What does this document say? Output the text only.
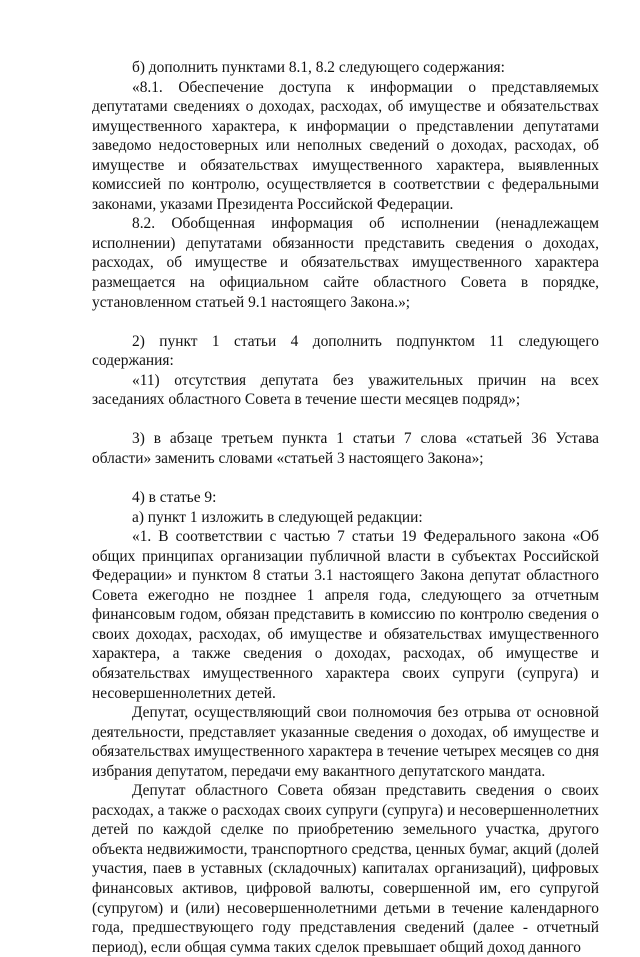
б) дополнить пунктами 8.1, 8.2 следующего содержания:

«8.1. Обеспечение доступа к информации о представляемых депутатами сведениях о доходах, расходах, об имуществе и обязательствах имущественного характера, к информации о представлении депутатами заведомо недостоверных или неполных сведений о доходах, расходах, об имуществе и обязательствах имущественного характера, выявленных комиссией по контролю, осуществляется в соответствии с федеральными законами, указами Президента Российской Федерации.

8.2. Обобщенная информация об исполнении (ненадлежащем исполнении) депутатами обязанности представить сведения о доходах, расходах, об имуществе и обязательствах имущественного характера размещается на официальном сайте областного Совета в порядке, установленном статьей 9.1 настоящего Закона.»;

2) пункт 1 статьи 4 дополнить подпунктом 11 следующего содержания:

«11) отсутствия депутата без уважительных причин на всех заседаниях областного Совета в течение шести месяцев подряд»;

3) в абзаце третьем пункта 1 статьи 7 слова «статьей 36 Устава области» заменить словами «статьей 3 настоящего Закона»;

4) в статье 9:

а) пункт 1 изложить в следующей редакции:

«1. В соответствии с частью 7 статьи 19 Федерального закона «Об общих принципах организации публичной власти в субъектах Российской Федерации» и пунктом 8 статьи 3.1 настоящего Закона депутат областного Совета ежегодно не позднее 1 апреля года, следующего за отчетным финансовым годом, обязан представить в комиссию по контролю сведения о своих доходах, расходах, об имуществе и обязательствах имущественного характера, а также сведения о доходах, расходах, об имуществе и обязательствах имущественного характера своих супруги (супруга) и несовершеннолетних детей.

Депутат, осуществляющий свои полномочия без отрыва от основной деятельности, представляет указанные сведения о доходах, об имуществе и обязательствах имущественного характера в течение четырех месяцев со дня избрания депутатом, передачи ему вакантного депутатского мандата.

Депутат областного Совета обязан представить сведения о своих расходах, а также о расходах своих супруги (супруга) и несовершеннолетних детей по каждой сделке по приобретению земельного участка, другого объекта недвижимости, транспортного средства, ценных бумаг, акций (долей участия, паев в уставных (складочных) капиталах организаций), цифровых финансовых активов, цифровой валюты, совершенной им, его супругой (супругом) и (или) несовершеннолетними детьми в течение календарного года, предшествующего году представления сведений (далее - отчетный период), если общая сумма таких сделок превышает общий доход данного
